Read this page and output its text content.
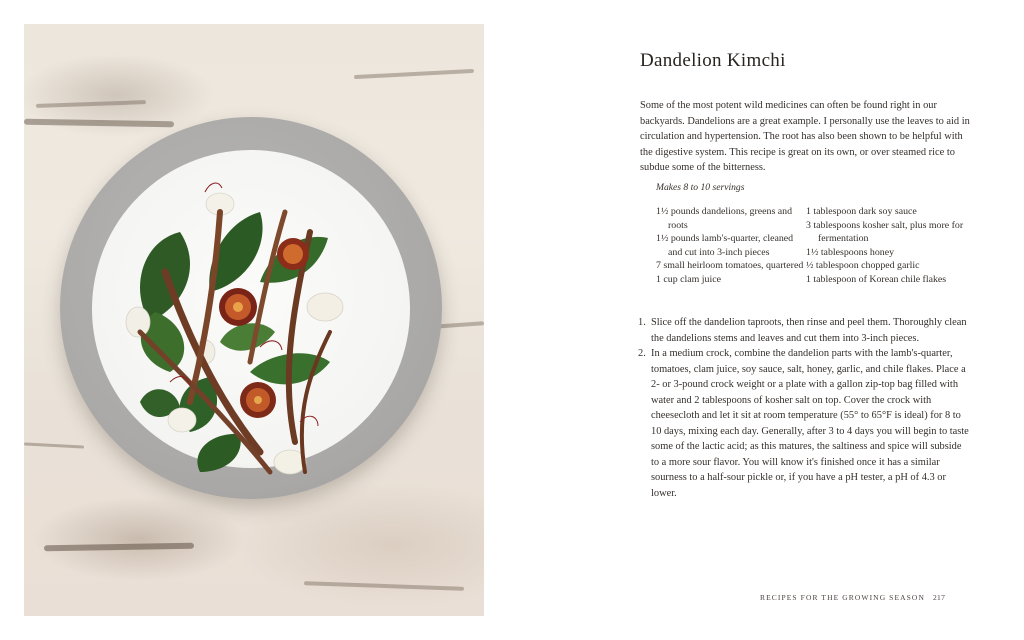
Dandelion Kimchi

Some of the most potent wild medicines can often be found right in our backyards. Dandelions are a great example. I personally use the leaves to aid in circulation and hypertension. The root has also been shown to be helpful with the digestive system. This recipe is great on its own, or over steamed rice to subdue some of the bitterness.

Makes 8 to 10 servings

1½ pounds dandelions, greens and roots
1½ pounds lamb's-quarter, cleaned and cut into 3-inch pieces
7 small heirloom tomatoes, quartered
1 cup clam juice
1 tablespoon dark soy sauce
3 tablespoons kosher salt, plus more for fermentation
1½ tablespoons honey
½ tablespoon chopped garlic
1 tablespoon of Korean chile flakes
1. Slice off the dandelion taproots, then rinse and peel them. Thoroughly clean the dandelions stems and leaves and cut them into 3-inch pieces.
2. In a medium crock, combine the dandelion parts with the lamb's-quarter, tomatoes, clam juice, soy sauce, salt, honey, garlic, and chile flakes. Place a 2- or 3-pound crock weight or a plate with a gallon zip-top bag filled with water and 2 tablespoons of kosher salt on top. Cover the crock with cheesecloth and let it sit at room temperature (55° to 65°F is ideal) for 8 to 10 days, mixing each day. Generally, after 3 to 4 days you will begin to taste some of the lactic acid; as this matures, the saltiness and spice will subside to a more sour flavor. You will know it's finished once it has a similar sourness to a half-sour pickle or, if you have a pH tester, a pH of 4.3 or lower.
RECIPES FOR THE GROWING SEASON 217
